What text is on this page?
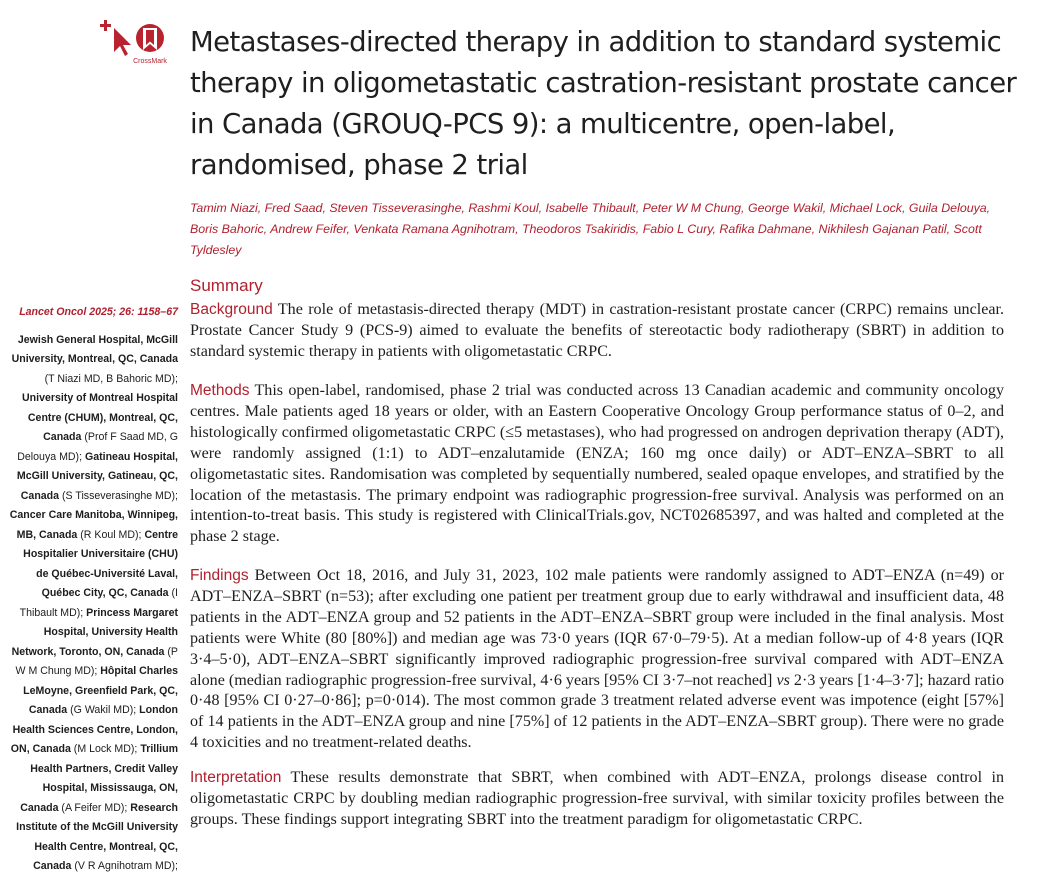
CrossMark
Metastases-directed therapy in addition to standard systemic therapy in oligometastatic castration-resistant prostate cancer in Canada (GROUQ-PCS 9): a multicentre, open-label, randomised, phase 2 trial
Tamim Niazi, Fred Saad, Steven Tisseverasinghe, Rashmi Koul, Isabelle Thibault, Peter W M Chung, George Wakil, Michael Lock, Guila Delouya, Boris Bahoric, Andrew Feifer, Venkata Ramana Agnihotram, Theodoros Tsakiridis, Fabio L Cury, Rafika Dahmane, Nikhilesh Gajanan Patil, Scott Tyldesley
Summary
Lancet Oncol 2025; 26: 1158–67
Jewish General Hospital, McGill University, Montreal, QC, Canada (T Niazi MD, B Bahoric MD); University of Montreal Hospital Centre (CHUM), Montreal, QC, Canada (Prof F Saad MD, G Delouya MD); Gatineau Hospital, McGill University, Gatineau, QC, Canada (S Tisseverasinghe MD); Cancer Care Manitoba, Winnipeg, MB, Canada (R Koul MD); Centre Hospitalier Universitaire (CHU) de Québec-Université Laval, Québec City, QC, Canada (I Thibault MD); Princess Margaret Hospital, University Health Network, Toronto, ON, Canada (P W M Chung MD); Hôpital Charles LeMoyne, Greenfield Park, QC, Canada (G Wakil MD); London Health Sciences Centre, London, ON, Canada (M Lock MD); Trillium Health Partners, Credit Valley Hospital, Mississauga, ON, Canada (A Feifer MD); Research Institute of the McGill University Health Centre, Montreal, QC, Canada (V R Agnihotram MD);

Background The role of metastasis-directed therapy (MDT) in castration-resistant prostate cancer (CRPC) remains unclear. Prostate Cancer Study 9 (PCS-9) aimed to evaluate the benefits of stereotactic body radiotherapy (SBRT) in addition to standard systemic therapy in patients with oligometastatic CRPC.

Methods This open-label, randomised, phase 2 trial was conducted across 13 Canadian academic and community oncology centres. Male patients aged 18 years or older, with an Eastern Cooperative Oncology Group performance status of 0–2, and histologically confirmed oligometastatic CRPC (≤5 metastases), who had progressed on androgen deprivation therapy (ADT), were randomly assigned (1:1) to ADT–enzalutamide (ENZA; 160 mg once daily) or ADT–ENZA–SBRT to all oligometastatic sites. Randomisation was completed by sequentially numbered, sealed opaque envelopes, and stratified by the location of the metastasis. The primary endpoint was radiographic progression-free survival. Analysis was performed on an intention-to-treat basis. This study is registered with ClinicalTrials.gov, NCT02685397, and was halted and completed at the phase 2 stage.

Findings Between Oct 18, 2016, and July 31, 2023, 102 male patients were randomly assigned to ADT–ENZA (n=49) or ADT–ENZA–SBRT (n=53); after excluding one patient per treatment group due to early withdrawal and insufficient data, 48 patients in the ADT–ENZA group and 52 patients in the ADT–ENZA–SBRT group were included in the final analysis. Most patients were White (80 [80%]) and median age was 73·0 years (IQR 67·0–79·5). At a median follow-up of 4·8 years (IQR 3·4–5·0), ADT–ENZA–SBRT significantly improved radiographic progression-free survival compared with ADT–ENZA alone (median radiographic progression-free survival, 4·6 years [95% CI 3·7–not reached] vs 2·3 years [1·4–3·7]; hazard ratio 0·48 [95% CI 0·27–0·86]; p=0·014). The most common grade 3 treatment related adverse event was impotence (eight [57%] of 14 patients in the ADT–ENZA group and nine [75%] of 12 patients in the ADT–ENZA–SBRT group). There were no grade 4 toxicities and no treatment-related deaths.

Interpretation These results demonstrate that SBRT, when combined with ADT–ENZA, prolongs disease control in oligometastatic CRPC by doubling median radiographic progression-free survival, with similar toxicity profiles between the groups. These findings support integrating SBRT into the treatment paradigm for oligometastatic CRPC.
